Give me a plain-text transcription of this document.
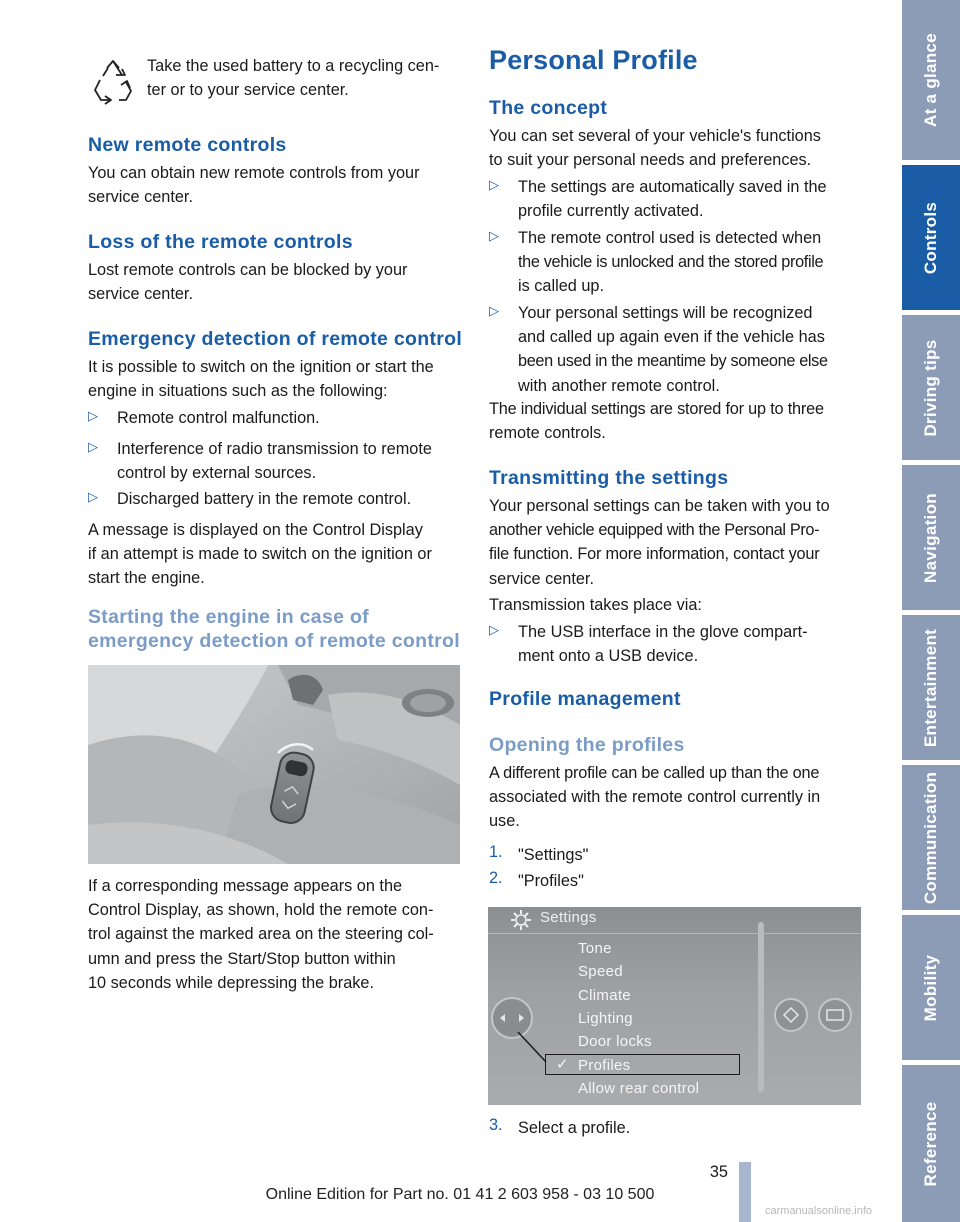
Take the used battery to a recycling cen-
ter or to your service center.
New remote controls
You can obtain new remote controls from your
service center.
Loss of the remote controls
Lost remote controls can be blocked by your
service center.
Emergency detection of remote control
It is possible to switch on the ignition or start the
engine in situations such as the following:
▷ Remote control malfunction.
▷ Interference of radio transmission to remote
control by external sources.
▷ Discharged battery in the remote control.
A message is displayed on the Control Display
if an attempt is made to switch on the ignition or
start the engine.
Starting the engine in case of
emergency detection of remote control
If a corresponding message appears on the
Control Display, as shown, hold the remote con-
trol against the marked area on the steering col-
umn and press the Start/Stop button within
10 seconds while depressing the brake.
Personal Profile
The concept
You can set several of your vehicle's functions
to suit your personal needs and preferences.
▷ The settings are automatically saved in the
profile currently activated.
▷ The remote control used is detected when
the vehicle is unlocked and the stored profile
is called up.
▷ Your personal settings will be recognized
and called up again even if the vehicle has
been used in the meantime by someone else
with another remote control.
The individual settings are stored for up to three
remote controls.
Transmitting the settings
Your personal settings can be taken with you to
another vehicle equipped with the Personal Pro-
file function. For more information, contact your
service center.
Transmission takes place via:
▷ The USB interface in the glove compart-
ment onto a USB device.
Profile management
Opening the profiles
A different profile can be called up than the one
associated with the remote control currently in
use.
1. "Settings"
2. "Profiles"
3. Select a profile.
Settings
Tone
Speed
Climate
Lighting
Door locks
✓ Profiles
Allow rear control
At a glance
Controls
Driving tips
Navigation
Entertainment
Communication
Mobility
Reference
35
Online Edition for Part no. 01 41 2 603 958 - 03 10 500
carmanualsonline.info
